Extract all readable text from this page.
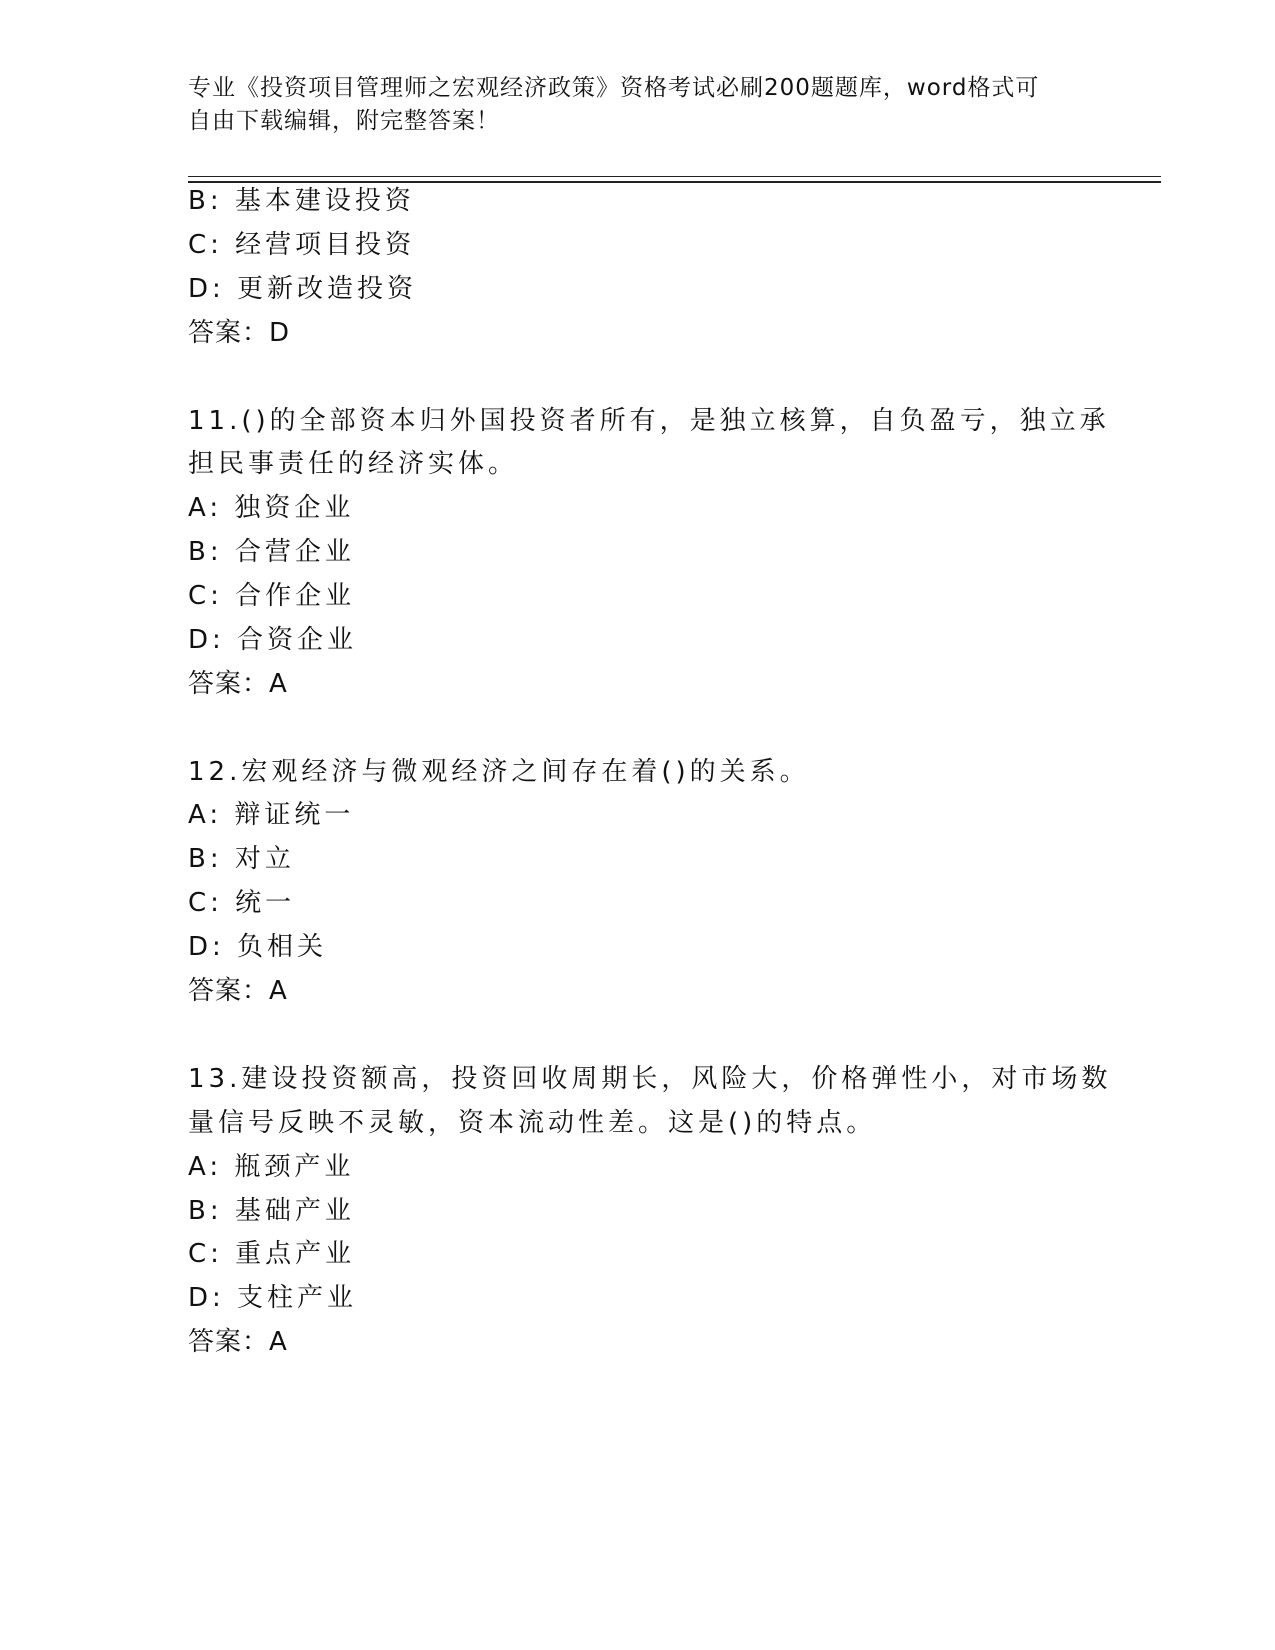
专业《投资项目管理师之宏观经济政策》资格考试必刷200题题库，word格式可
自由下载编辑，附完整答案！
B: 基本建设投资
C: 经营项目投资
D: 更新改造投资
答案：D
11.()的全部资本归外国投资者所有，是独立核算，自负盈亏，独立承
担民事责任的经济实体。
A: 独资企业
B: 合营企业
C: 合作企业
D: 合资企业
答案：A
12.宏观经济与微观经济之间存在着()的关系。
A: 辩证统一
B: 对立
C: 统一
D: 负相关
答案：A
13.建设投资额高，投资回收周期长，风险大，价格弹性小，对市场数
量信号反映不灵敏，资本流动性差。这是()的特点。
A: 瓶颈产业
B: 基础产业
C: 重点产业
D: 支柱产业
答案：A
